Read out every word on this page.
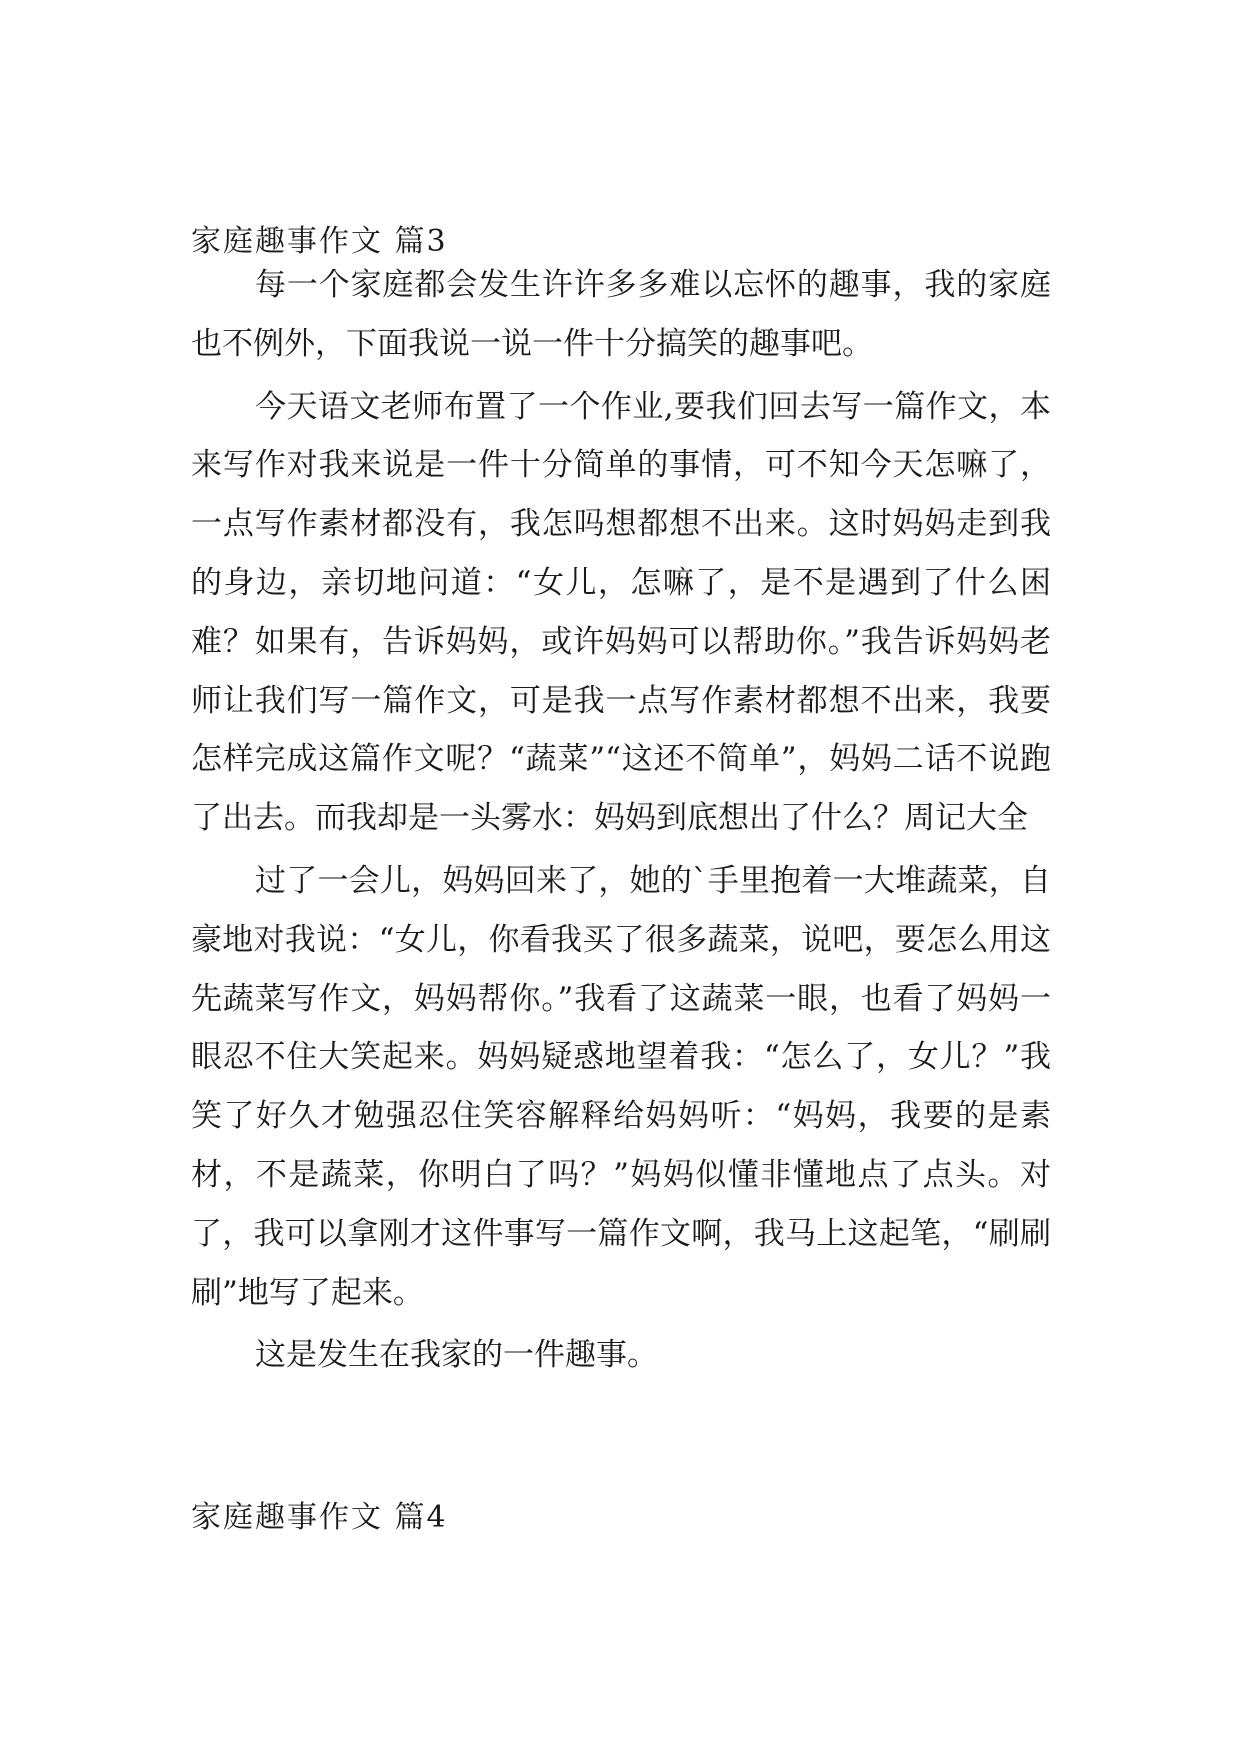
家庭趣事作文 篇3

每一个家庭都会发生许许多多难以忘怀的趣事，我的家庭也不例外，下面我说一说一件十分搞笑的趣事吧。

今天语文老师布置了一个作业,要我们回去写一篇作文，本来写作对我来说是一件十分简单的事情，可不知今天怎嘛了，一点写作素材都没有，我怎吗想都想不出来。这时妈妈走到我的身边，亲切地问道：“女儿，怎嘛了，是不是遇到了什么困难？如果有，告诉妈妈，或许妈妈可以帮助你。”我告诉妈妈老师让我们写一篇作文，可是我一点写作素材都想不出来，我要怎样完成这篇作文呢？“蔬菜”“这还不简单”，妈妈二话不说跑了出去。而我却是一头雾水：妈妈到底想出了什么？周记大全

过了一会儿，妈妈回来了，她的`手里抱着一大堆蔬菜，自豪地对我说：“女儿，你看我买了很多蔬菜，说吧，要怎么用这先蔬菜写作文，妈妈帮你。”我看了这蔬菜一眼，也看了妈妈一眼忍不住大笑起来。妈妈疑惑地望着我：“怎么了，女儿？”我笑了好久才勉强忍住笑容解释给妈妈听：“妈妈，我要的是素材，不是蔬菜，你明白了吗？”妈妈似懂非懂地点了点头。对了，我可以拿刚才这件事写一篇作文啊，我马上这起笔，“刷刷刷”地写了起来。

这是发生在我家的一件趣事。

家庭趣事作文 篇4
